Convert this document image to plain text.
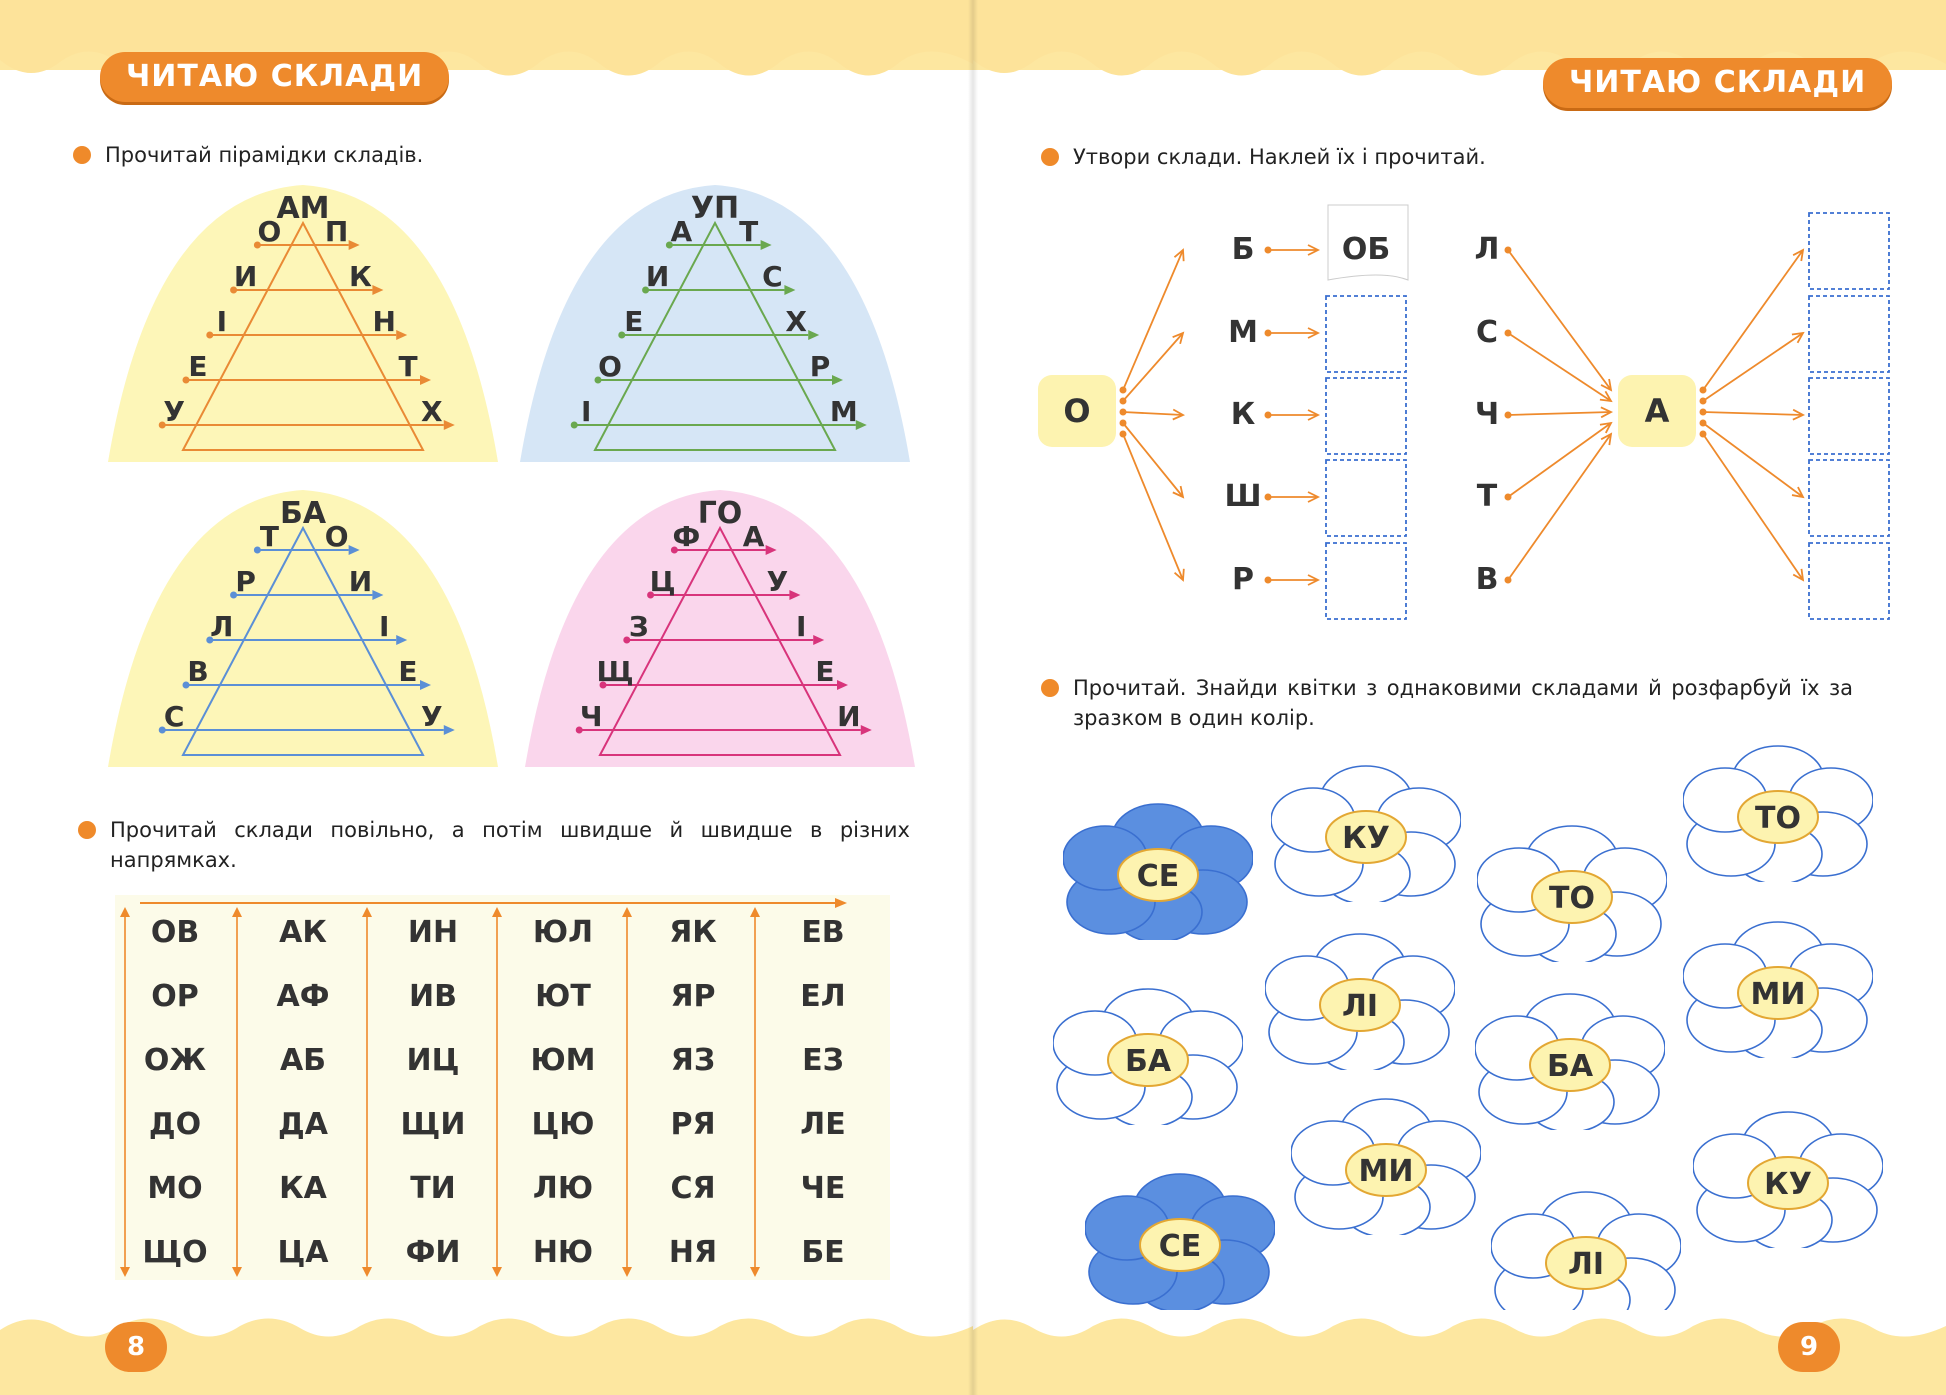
ЧИТАЮ СКЛАДИ
Прочитай пірамідки складів.
АМ
О П
И	К
І	Н
Е	Т
У	Х
УП
А Т
И	С
Е	Х
О	Р
І	М
БА
Т О
Р	И
Л	І
В	Е
С	У
ГО
Ф А
Ц	У
З	І
Щ	Е
Ч	И
Прочитай склади повільно, а потім швидше й швидше в різних напрямках.
ОВ	АК	ИН	ЮЛ	ЯК	ЕВ
ОР	АФ	ИВ	ЮТ	ЯР	ЕЛ
ОЖ	АБ	ИЦ	ЮМ	ЯЗ	ЕЗ
ДО	ДА	ЩИ	ЦЮ	РЯ	ЛЕ
МО	КА	ТИ	ЛЮ	СЯ	ЧЕ
ЩО	ЦА	ФИ	НЮ	НЯ	БЕ
8
ЧИТАЮ СКЛАДИ
Утвори склади. Наклей їх і прочитай.
О
Б	ОБ
М
К
Ш
Р
А
Л
С
Ч
Т
В
Прочитай. Знайди квітки з однаковими складами й розфарбуй їх за зразком в один колір.
СЕ
КУ
ТО
ТО
ЛІ	МИ
БА	БА
МИ	КУ
СЕ
ЛІ
9
